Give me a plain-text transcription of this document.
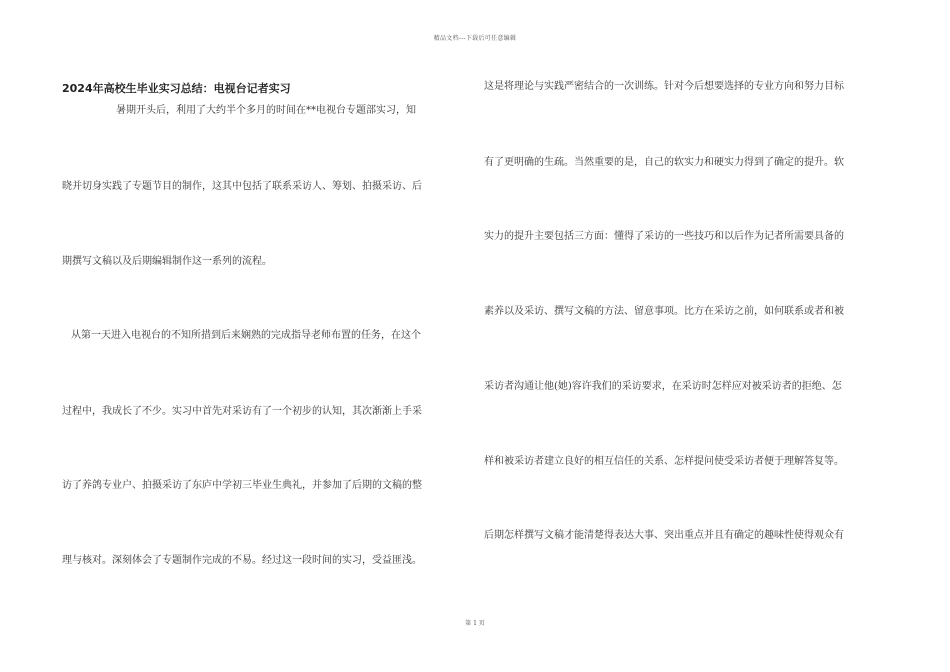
精品文档---下载后可任意编辑
2024年高校生毕业实习总结：电视台记者实习
暑期开头后，利用了大约半个多月的时间在**电视台专题部实习，知
晓并切身实践了专题节目的制作，这其中包括了联系采访人、筹划、拍摄采访、后
期撰写文稿以及后期编辑制作这一系列的流程。
从第一天进入电视台的不知所措到后来娴熟的完成指导老师布置的任务，在这个
过程中，我成长了不少。实习中首先对采访有了一个初步的认知，其次渐渐上手采
访了养鸽专业户、拍摄采访了东庐中学初三毕业生典礼，并参加了后期的文稿的整
理与核对。深刻体会了专题制作完成的不易。经过这一段时间的实习，受益匪浅。
这是将理论与实践严密结合的一次训练。针对今后想要选择的专业方向和努力目标
有了更明确的生疏。当然重要的是，自己的软实力和硬实力得到了确定的提升。软
实力的提升主要包括三方面：懂得了采访的一些技巧和以后作为记者所需要具备的
素养以及采访、撰写文稿的方法、留意事项。比方在采访之前，如何联系或者和被
采访者沟通让他(她)容许我们的采访要求，在采访时怎样应对被采访者的拒绝、怎
样和被采访者建立良好的相互信任的关系、怎样提问使受采访者便于理解答复等。
后期怎样撰写文稿才能清楚得表达大事、突出重点并且有确定的趣味性使得观众有
第 1 页
